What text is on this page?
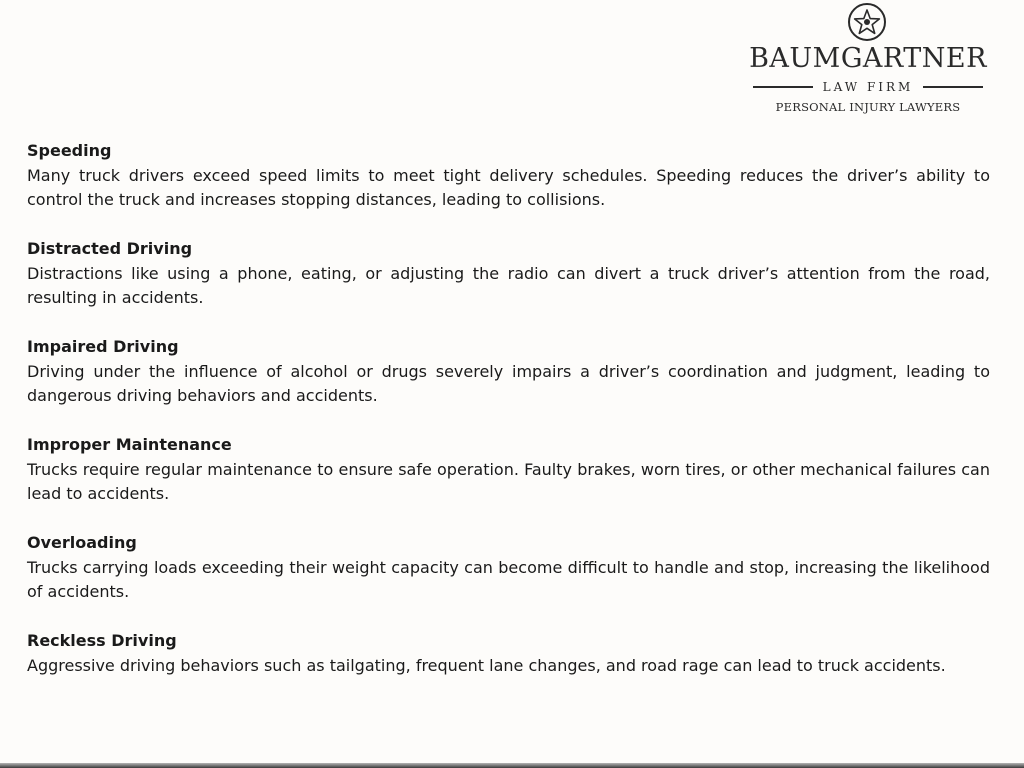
BAUMGARTNER
LAW FIRM
PERSONAL INJURY LAWYERS
Speeding

Many truck drivers exceed speed limits to meet tight delivery schedules. Speeding reduces the driver’s ability to control the truck and increases stopping distances, leading to collisions.

Distracted Driving

Distractions like using a phone, eating, or adjusting the radio can divert a truck driver’s attention from the road, resulting in accidents.

Impaired Driving

Driving under the influence of alcohol or drugs severely impairs a driver’s coordination and judgment, leading to dangerous driving behaviors and accidents.

Improper Maintenance

Trucks require regular maintenance to ensure safe operation. Faulty brakes, worn tires, or other mechanical failures can lead to accidents.

Overloading

Trucks carrying loads exceeding their weight capacity can become difficult to handle and stop, increasing the likelihood of accidents.

Reckless Driving

Aggressive driving behaviors such as tailgating, frequent lane changes, and road rage can lead to truck accidents.
